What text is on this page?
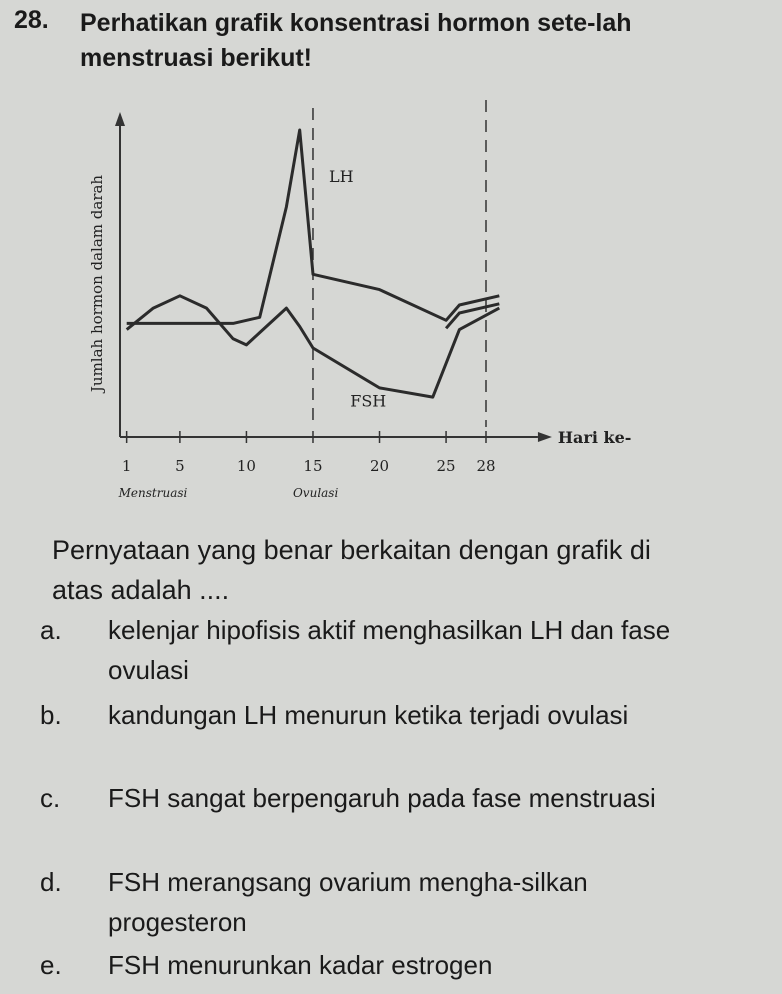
28. Perhatikan grafik konsentrasi hormon sete-lah menstruasi berikut!
1	5	10	15	20	25 28
Jumlah hormon dalam darah
Hari ke-
Menstruasi	Ovulasi
LH
FSH
Pernyataan yang benar berkaitan dengan grafik di atas adalah ....
a.	kelenjar hipofisis aktif menghasilkan LH dan fase ovulasi
b.	kandungan LH menurun ketika terjadi ovulasi
c.	FSH sangat berpengaruh pada fase menstruasi
d.	FSH merangsang ovarium mengha-silkan progesteron
e.	FSH menurunkan kadar estrogen
